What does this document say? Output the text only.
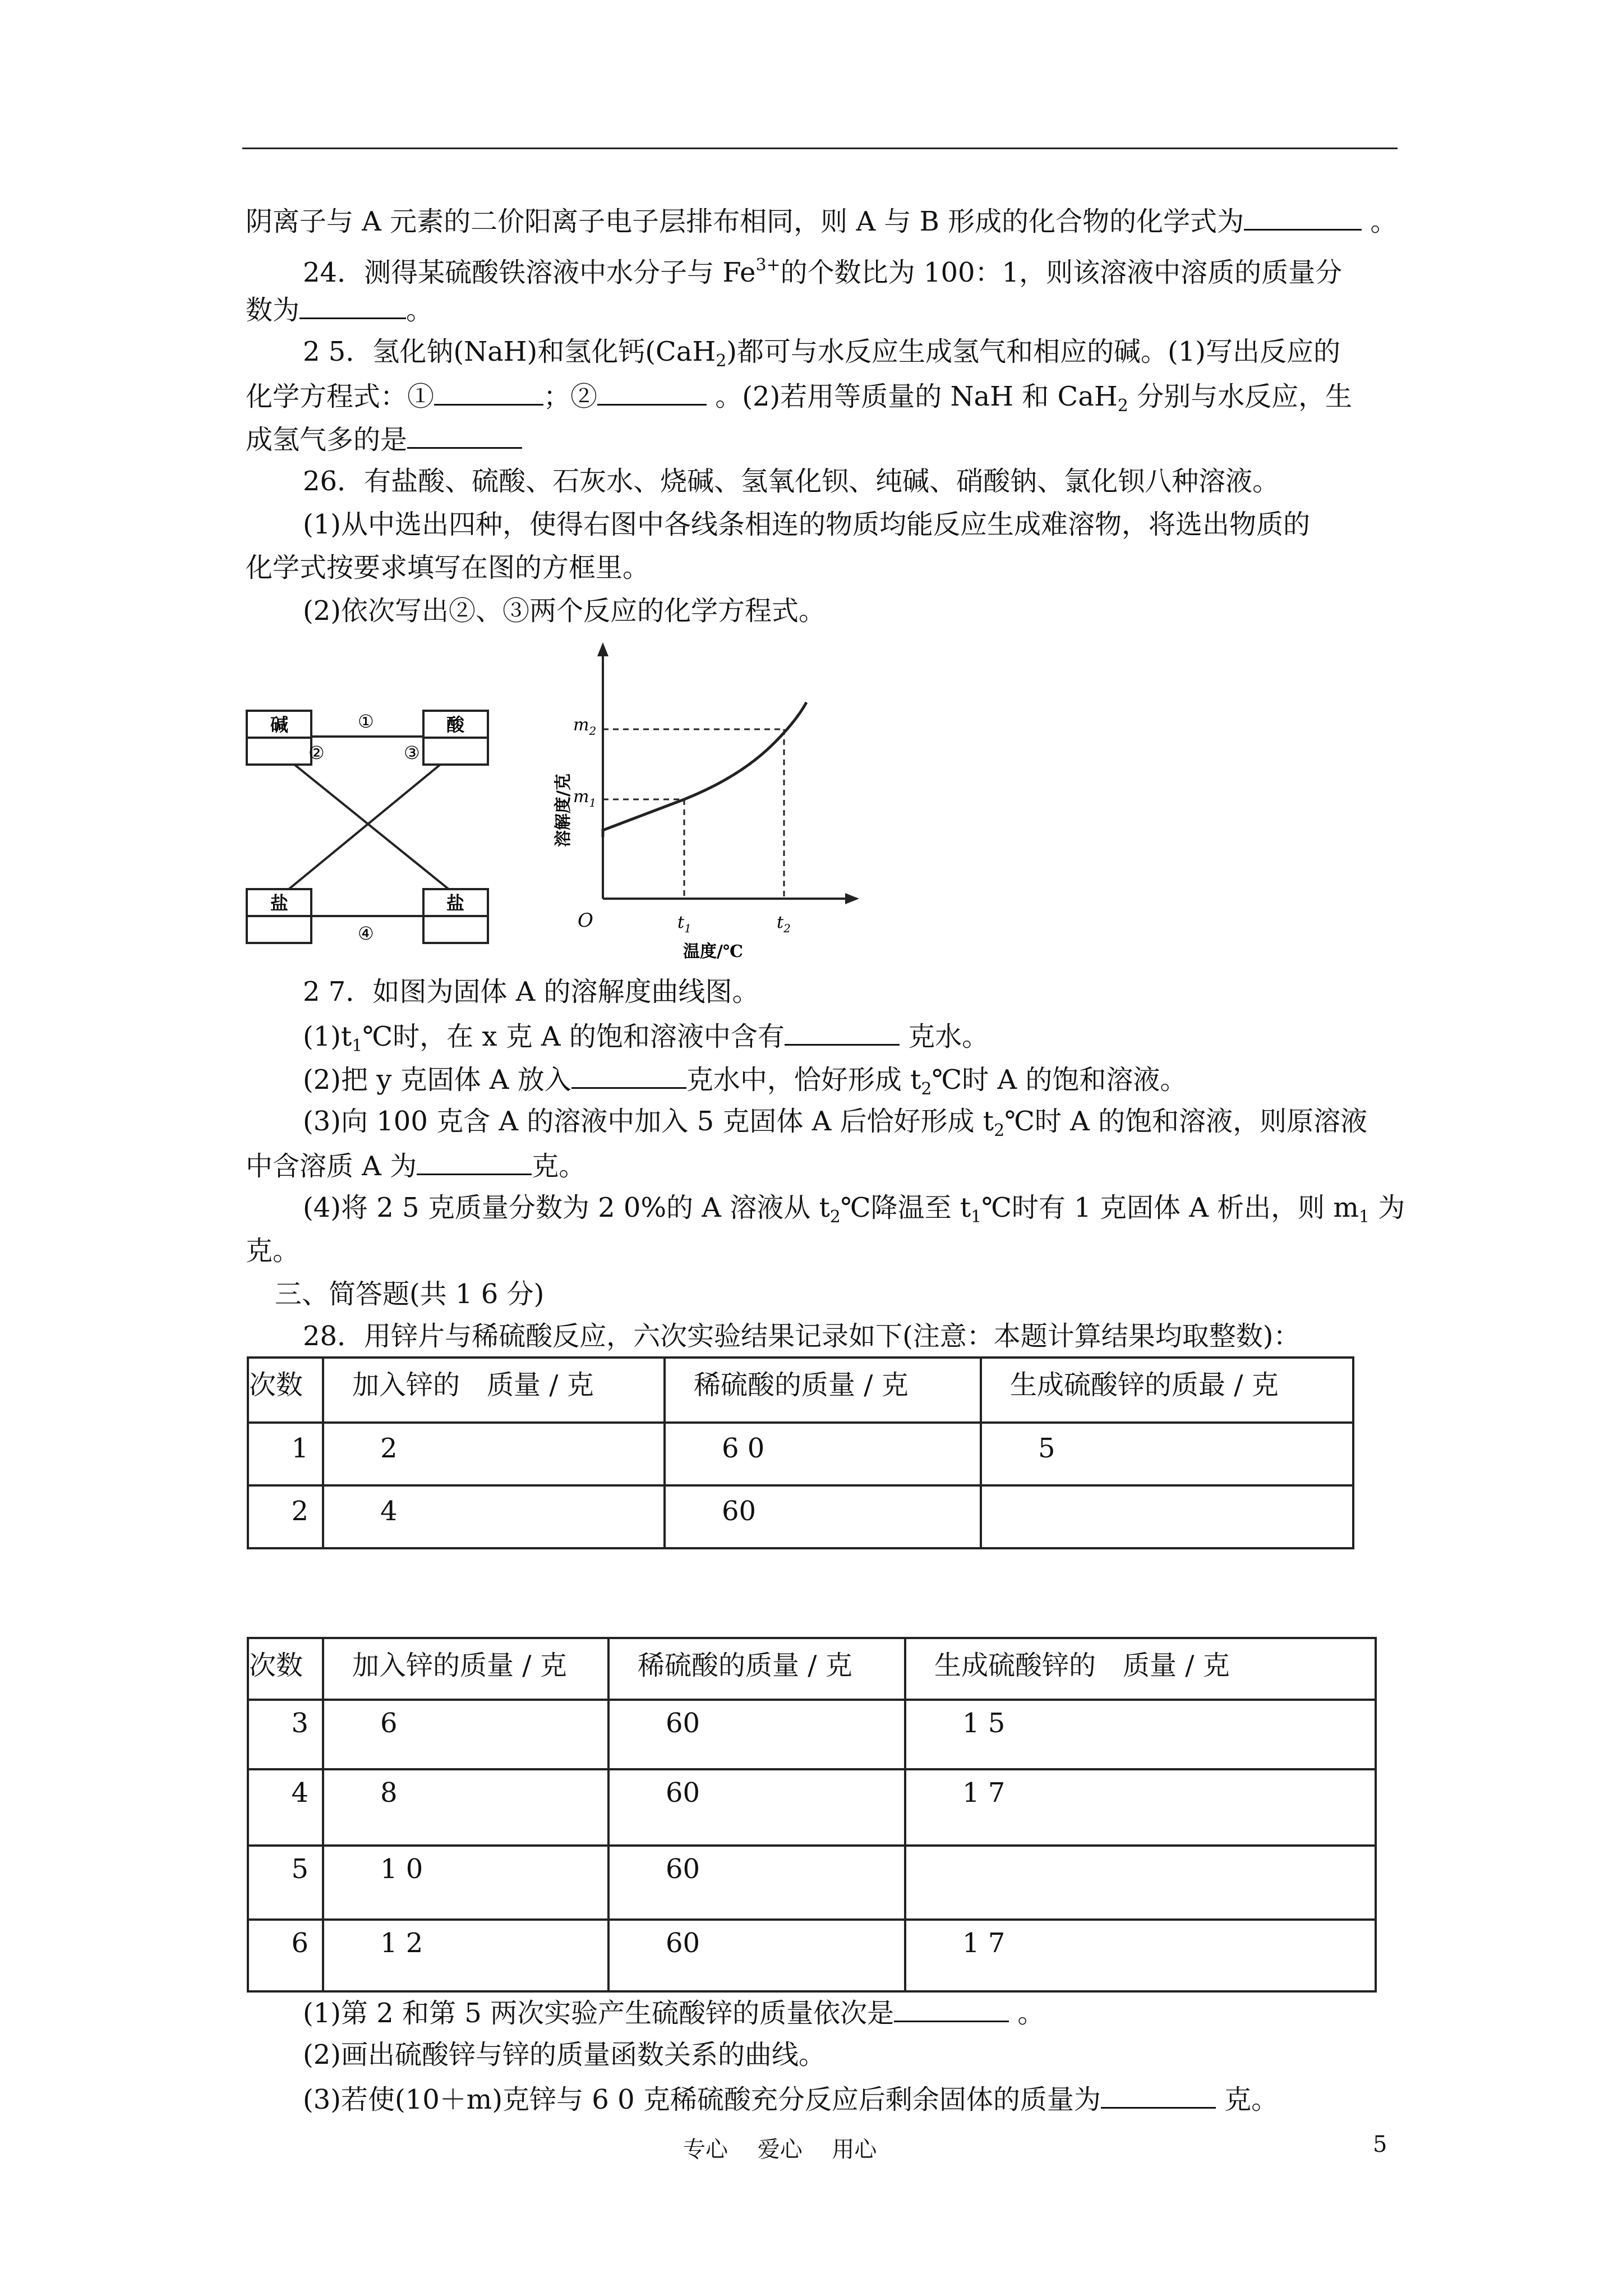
阴离子与 A 元素的二价阳离子电子层排布相同，则 A 与 B 形成的化合物的化学式为	。
24．测得某硫酸铁溶液中水分子与 $Fe^{3+}$的个数比为 100：1，则该溶液中溶质的质量分
数为	。
2 5．氢化钠(NaH)和氢化钙(CaH$_2$)都可与水反应生成氢气和相应的碱。(1)写出反应的
化学方程式：①	；②	。(2)若用等质量的 NaH 和 CaH$_2$ 分别与水反应，生
成氢气多的是
26．有盐酸、硫酸、石灰水、烧碱、氢氧化钡、纯碱、硝酸钠、氯化钡八种溶液。
(1)从中选出四种，使得右图中各线条相连的物质均能反应生成难溶物，将选出物质的
化学式按要求填写在图的方框里。
(2)依次写出②、③两个反应的化学方程式。
碱	酸
盐	盐
①
②	③
④
$m_2$
$m_1$
O	$t_1$	$t_2$
温度/℃
溶解度/克
2 7．如图为固体 A 的溶解度曲线图。
$(1)t_1℃$时，在 x 克 A 的饱和溶液中含有	克水。
(2)把 y 克固体 A 放入	克水中，恰好形成 $t_2℃$时 A 的饱和溶液。
(3)向 100 克含 A 的溶液中加入 5 克固体 A 后恰好形成 $t_2℃$时 A 的饱和溶液，则原溶液
中含溶质 A 为	克。
(4)将 2 5 克质量分数为 2 0%的 A 溶液从 $t_2℃$降温至 $t_1℃$时有 1 克固体 A 析出，则 $m_1$ 为
克。
三、简答题(共 1 6 分)
28．用锌片与稀硫酸反应，六次实验结果记录如下(注意：本题计算结果均取整数)：
次数	加入锌的　质量 / 克	稀硫酸的质量 / 克	生成硫酸锌的质最 / 克
1	2	6 0	5
2	4	60	
次数	加入锌的质量 / 克	稀硫酸的质量 / 克	生成硫酸锌的　质量 / 克
3	6	60	1 5
4	8	60	1 7
5	1 0	60	
6	1 2	60	1 7
(1)第 2 和第 5 两次实验产生硫酸锌的质量依次是	。
(2)画出硫酸锌与锌的质量函数关系的曲线。
(3)若使(10＋m)克锌与 6 0 克稀硫酸充分反应后剩余固体的质量为	克。
专心　 爱心　 用心	5
